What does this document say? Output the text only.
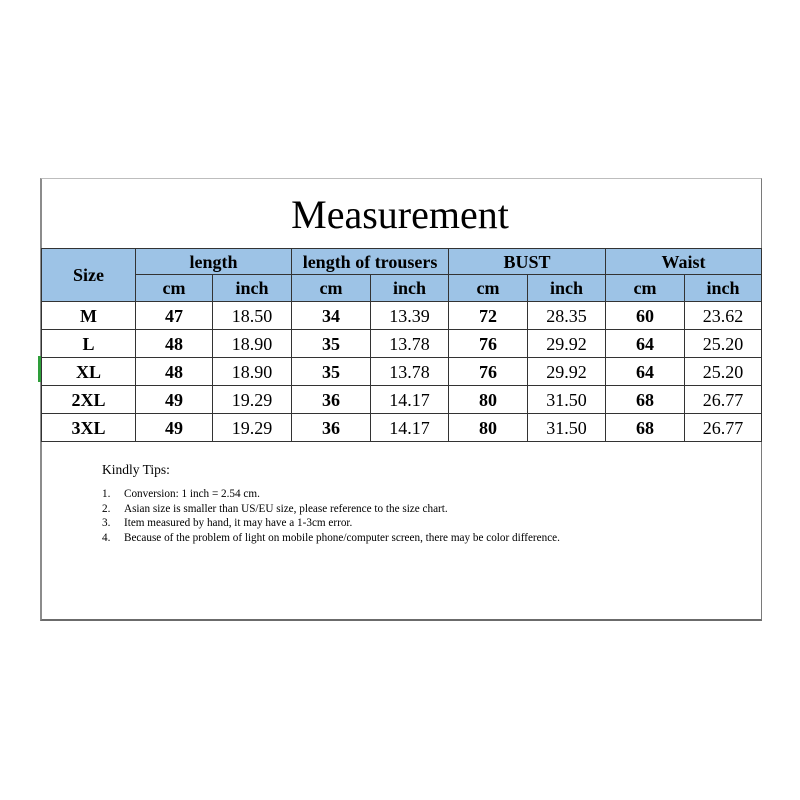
Measurement
Size	length		length of trousers		BUST		Waist	
	cm	inch	cm	inch	cm	inch	cm	inch
M	47	18.50	34	13.39	72	28.35	60	23.62
L	48	18.90	35	13.78	76	29.92	64	25.20
XL	48	18.90	35	13.78	76	29.92	64	25.20
2XL	49	19.29	36	14.17	80	31.50	68	26.77
3XL	49	19.29	36	14.17	80	31.50	68	26.77
Kindly Tips:
1.	Conversion: 1 inch = 2.54 cm.
2.	Asian size is smaller than US/EU size, please reference to the size chart.
3.	Item measured by hand, it may have a 1-3cm error.
4.	Because of the problem of light on mobile phone/computer screen, there may be color difference.
